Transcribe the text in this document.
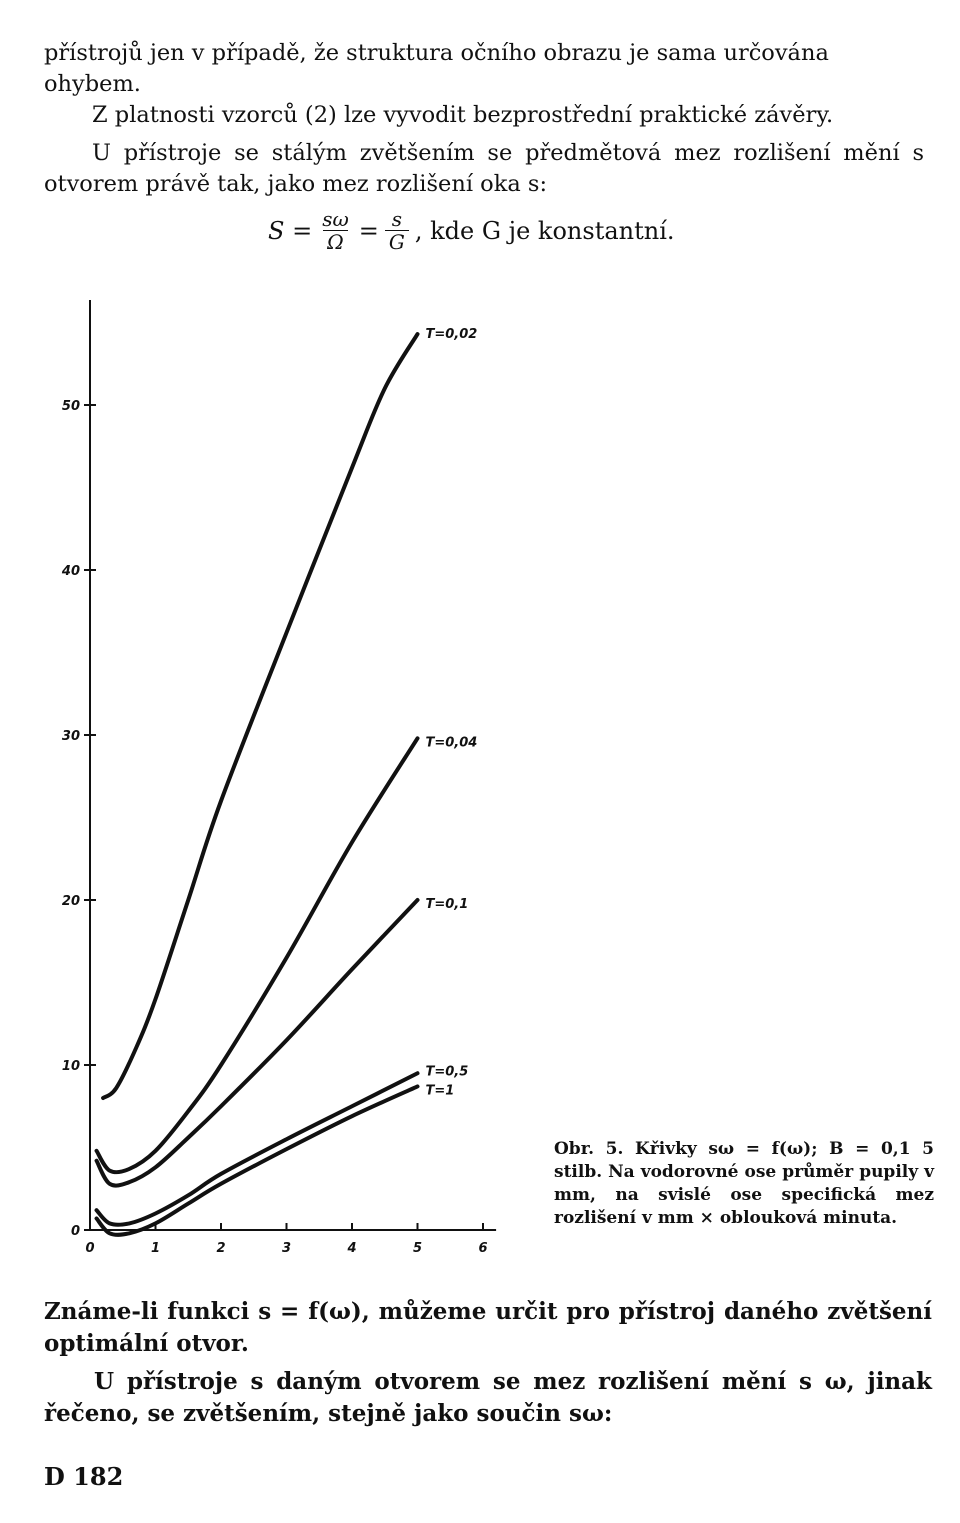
přístrojů jen v případě, že struktura očního obrazu je sama určována
ohybem.
Z platnosti vzorců (2) lze vyvodit bezprostřední praktické závěry.
U přístroje se stálým zvětšením se předmětová mez rozlišení mění s otvorem právě tak, jako mez rozlišení oka s:
$S = \frac{s\omega}{\Omega} = \frac{s}{G}$ , kde G je konstantní.
0
10
20
30
40
50
0	1	2	3	4	5	6
T=0,02
T=0,04
T=0,1
T=0,5
T=1
Obr. 5. Křivky sω = f(ω); B = 0,1 5 stilb. Na vodorovné ose průměr pupily v mm, na svislé ose specifická mez rozlišení v mm × oblouková minuta.
Známe-li funkci s = f(ω), můžeme určit pro přístroj daného zvětšení optimální otvor.
U přístroje s daným otvorem se mez rozlišení mění s ω, jinak řečeno, se zvětšením, stejně jako součin sω:
D 182
